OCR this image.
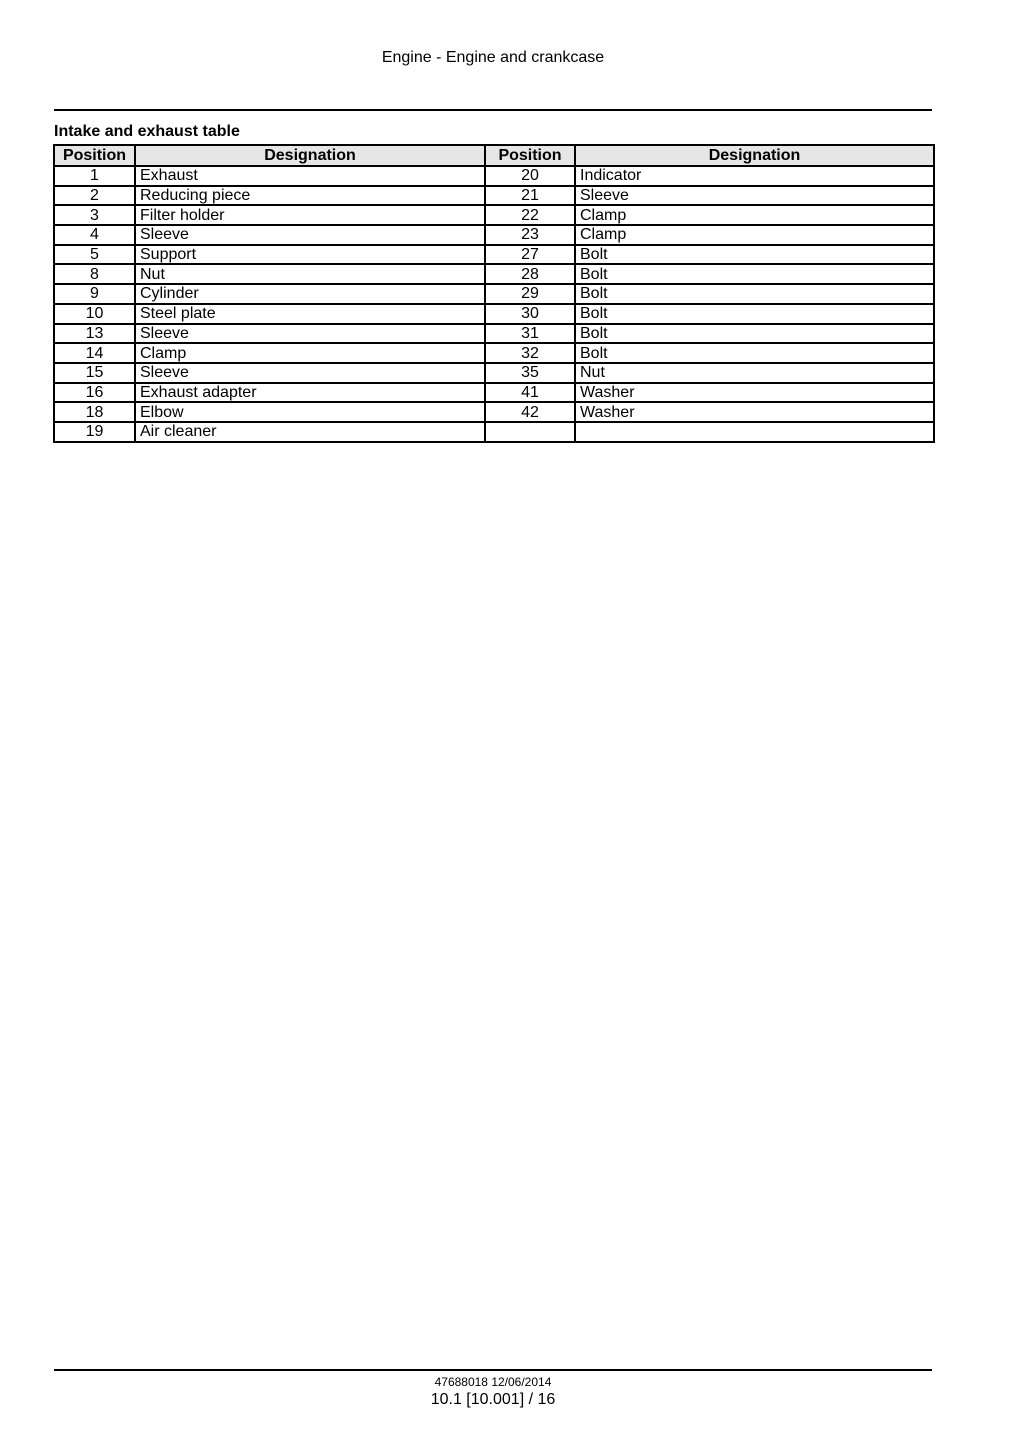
Engine - Engine and crankcase
Intake and exhaust table
Position	Designation	Position	Designation
1	Exhaust	20	Indicator
2	Reducing piece	21	Sleeve
3	Filter holder	22	Clamp
4	Sleeve	23	Clamp
5	Support	27	Bolt
8	Nut	28	Bolt
9	Cylinder	29	Bolt
10	Steel plate	30	Bolt
13	Sleeve	31	Bolt
14	Clamp	32	Bolt
15	Sleeve	35	Nut
16	Exhaust adapter	41	Washer
18	Elbow	42	Washer
19	Air cleaner		
47688018 12/06/2014
10.1 [10.001] / 16
